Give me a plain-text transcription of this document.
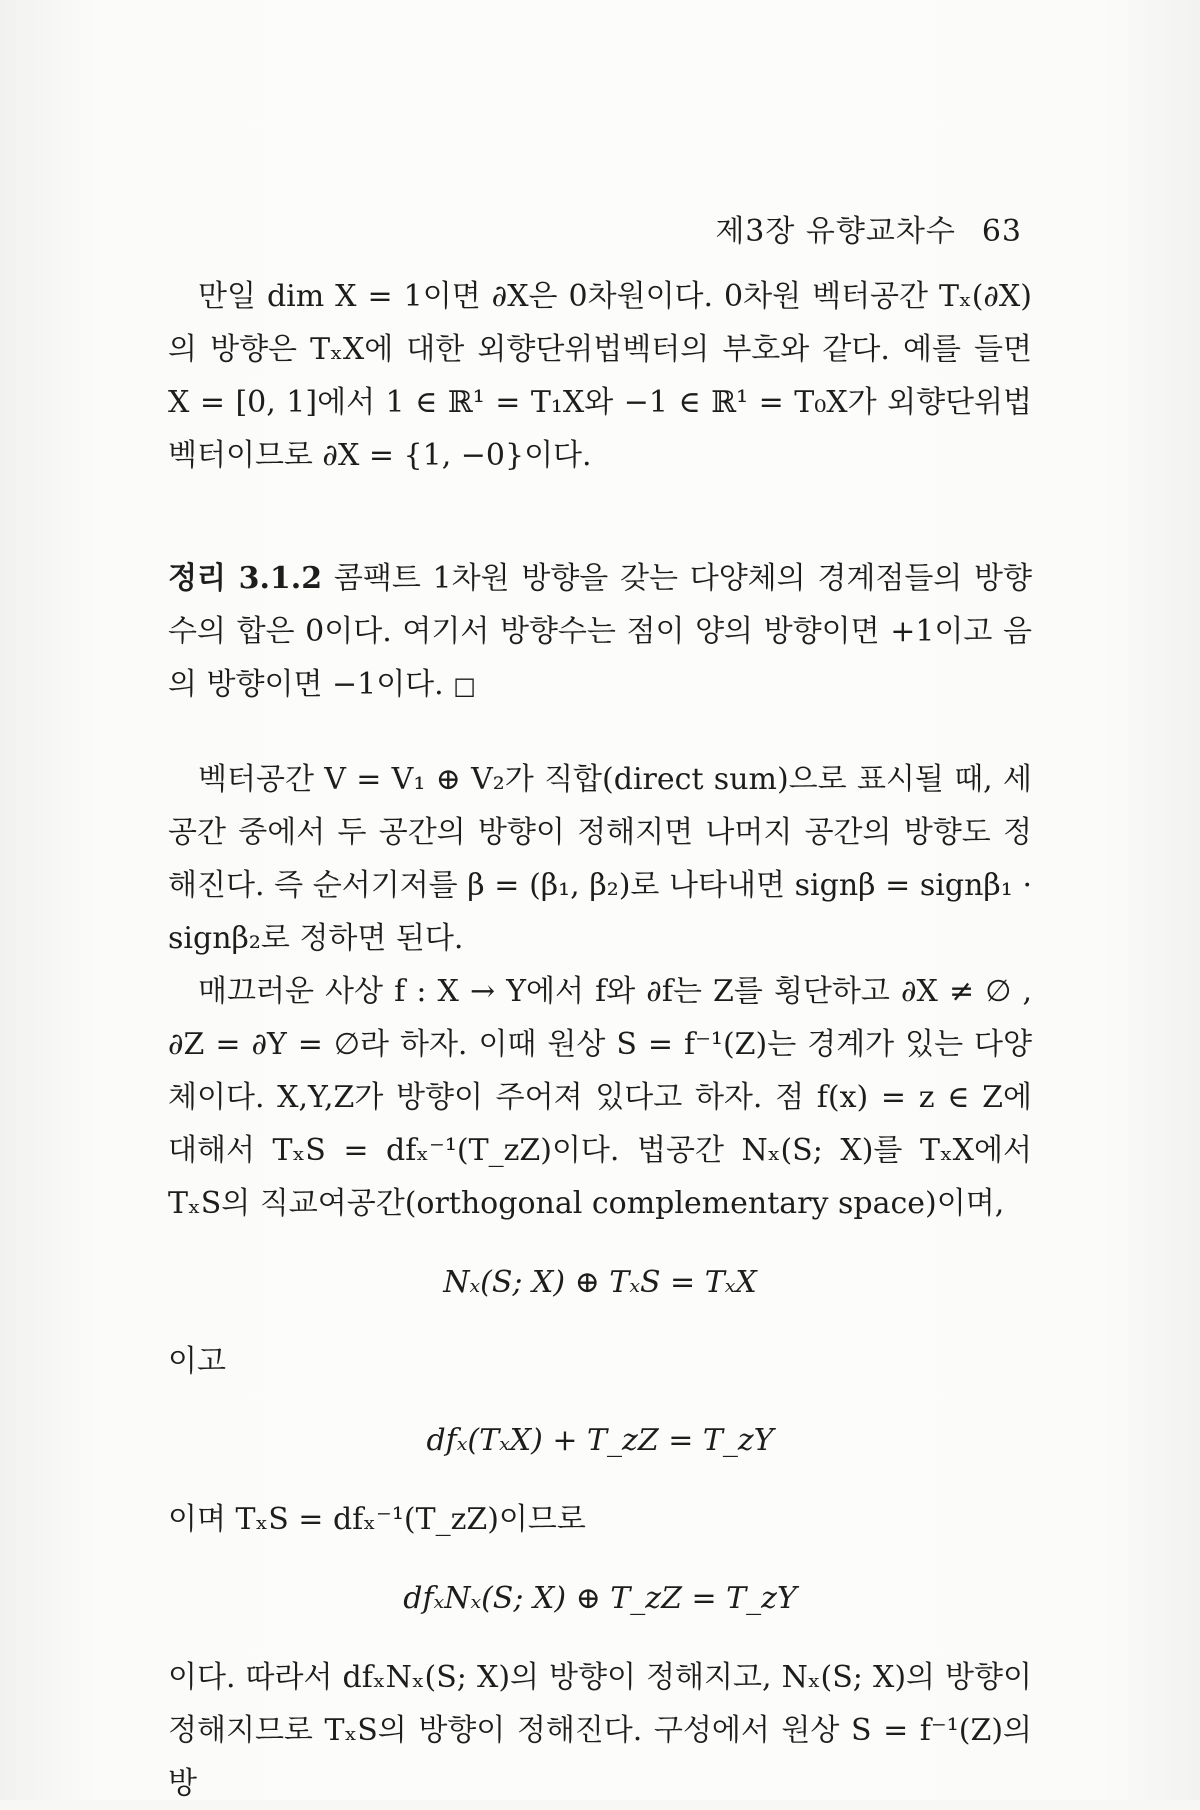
제3장 유향교차수 63

만일 dim X = 1이면 ∂X은 0차원이다. 0차원 벡터공간 Tₓ(∂X)의 방향은 TₓX에 대한 외향단위법벡터의 부호와 같다. 예를 들면 X = [0, 1]에서 1 ∈ ℝ¹ = T₁X와 −1 ∈ ℝ¹ = T₀X가 외향단위법벡터이므로 ∂X = {1, −0}이다.

정리 3.1.2 콤팩트 1차원 방향을 갖는 다양체의 경계점들의 방향수의 합은 0이다. 여기서 방향수는 점이 양의 방향이면 +1이고 음의 방향이면 −1이다. □

벡터공간 V = V₁ ⊕ V₂가 직합(direct sum)으로 표시될 때, 세 공간 중에서 두 공간의 방향이 정해지면 나머지 공간의 방향도 정해진다. 즉 순서기저를 β = (β₁, β₂)로 나타내면 signβ = signβ₁ · signβ₂로 정하면 된다.

매끄러운 사상 f : X → Y에서 f와 ∂f는 Z를 횡단하고 ∂X ≠ ∅ , ∂Z = ∂Y = ∅라 하자. 이때 원상 S = f⁻¹(Z)는 경계가 있는 다양체이다. X,Y,Z가 방향이 주어져 있다고 하자. 점 f(x) = z ∈ Z에 대해서 TₓS = dfₓ⁻¹(T_zZ)이다. 법공간 Nₓ(S; X)를 TₓX에서 TₓS의 직교여공간(orthogonal complementary space)이며,

Nₓ(S; X) ⊕ TₓS = TₓX

이고

dfₓ(TₓX) + T_zZ = T_zY

이며 TₓS = dfₓ⁻¹(T_zZ)이므로

dfₓNₓ(S; X) ⊕ T_zZ = T_zY

이다. 따라서 dfₓNₓ(S; X)의 방향이 정해지고, Nₓ(S; X)의 방향이 정해지므로 TₓS의 방향이 정해진다. 구성에서 원상 S = f⁻¹(Z)의 방
